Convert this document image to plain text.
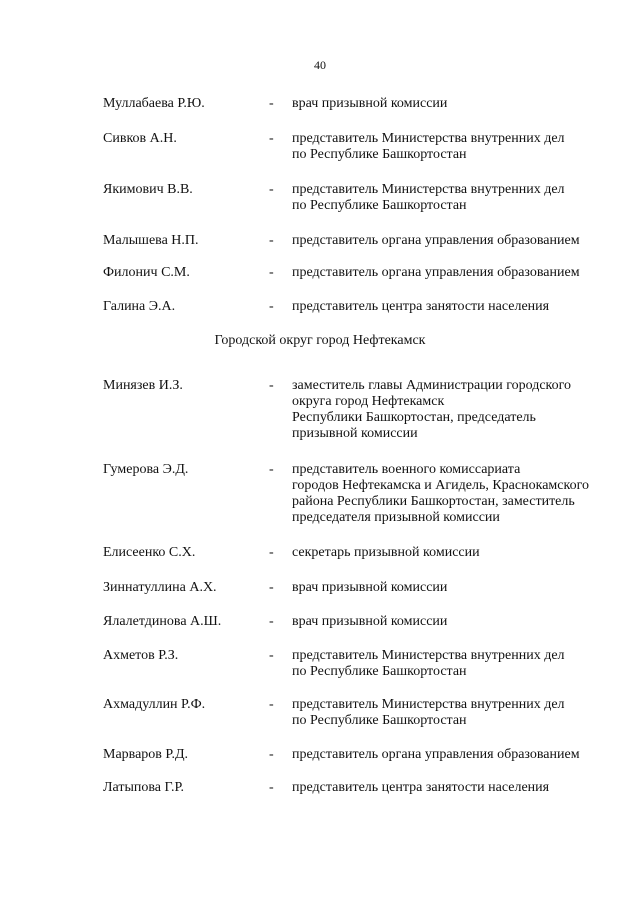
40
Муллабаева Р.Ю.	- врач призывной комиссии
Сивков А.Н.	- представитель Министерства внутренних дел
по Республике Башкортостан
Якимович В.В.	- представитель Министерства внутренних дел
по Республике Башкортостан
Малышева Н.П.	- представитель органа управления образованием
Филонич С.М.	- представитель органа управления образованием
Галина Э.А.	- представитель центра занятости населения
Городской округ город Нефтекамск
Минязев И.З.	- заместитель главы Администрации городского
округа город Нефтекамск
Республики Башкортостан, председатель
призывной комиссии
Гумерова Э.Д.	- представитель военного комиссариата
городов Нефтекамска и Агидель, Краснокамского
района Республики Башкортостан, заместитель
председателя призывной комиссии
Елисеенко С.Х.	- секретарь призывной комиссии
Зиннатуллина А.Х.	- врач призывной комиссии
Ялалетдинова А.Ш.	- врач призывной комиссии
Ахметов Р.З.	- представитель Министерства внутренних дел
по Республике Башкортостан
Ахмадуллин Р.Ф.	- представитель Министерства внутренних дел
по Республике Башкортостан
Марваров Р.Д.	- представитель органа управления образованием
Латыпова Г.Р.	- представитель центра занятости населения
